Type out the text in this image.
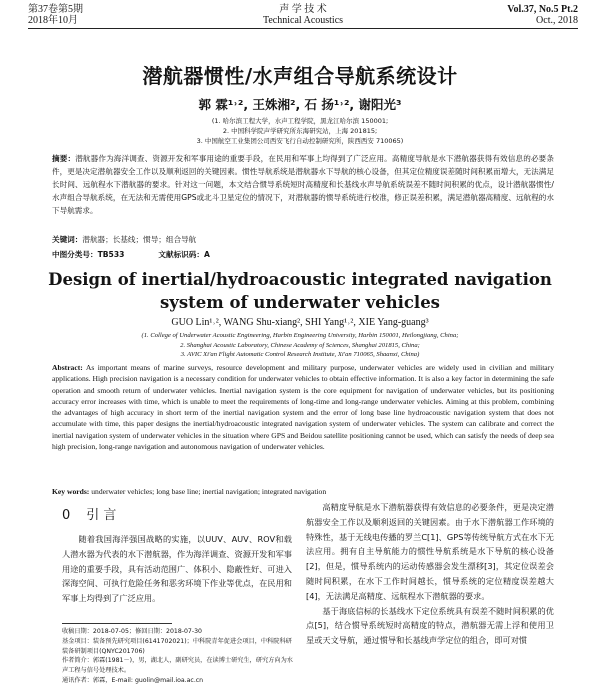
第37卷第5期
2018年10月
声 学 技 术
Technical Acoustics
Vol.37, No.5 Pt.2
Oct., 2018
潜航器惯性/水声组合导航系统设计
郭 霖¹˒², 王姝湘², 石 扬¹˒², 谢阳光³
(1. 哈尔滨工程大学，水声工程学院，黑龙江哈尔滨 150001;
2. 中国科学院声学研究所东海研究站，上海 201815;
3. 中国航空工业集团公司西安飞行自动控制研究所，陕西西安 710065)
摘要：潜航器作为海洋调查、资源开发和军事用途的重要手段，在民用和军事上均得到了广泛应用。高精度导航是水下潜航器获得有效信息的必要条件，更是决定潜航器安全工作以及顺利返回的关键因素。惯性导航系统是潜航器水下导航的核心设备，但其定位精度误差随时间积累而增大，无法满足长时间、远航程水下潜航器的要求。针对这一问题，本文结合惯导系统短时高精度和长基线水声导航系统误差不随时间积累的优点，设计潜航器惯性/水声组合导航系统，在无法和无需使用GPS或北斗卫星定位的情况下，对潜航器的惯导系统进行校准，修正误差积累，满足潜航器高精度、远航程的水下导航需求。
关键词：潜航器；长基线；惯导；组合导航
中图分类号：TB533	文献标识码：A
Design of inertial/hydroacoustic integrated navigation
system of underwater vehicles
GUO Lin¹˒², WANG Shu-xiang², SHI Yang¹˒², XIE Yang-guang³
(1. College of Underwater Acoustic Engineering, Harbin Engineering University, Harbin 150001, Heilongjiang, China;
2. Shanghai Acoustic Laboratory, Chinese Academy of Sciences, Shanghai 201815, China;
3. AVIC Xi'an Flight Automatic Control Research Institute, Xi'an 710065, Shaanxi, China)
Abstract: As important means of marine surveys, resource development and military purpose, underwater vehicles are widely used in civilian and military applications. High precision navigation is a necessary condition for underwater vehicles to obtain effective information. It is also a key factor in determining the safe operation and smooth return of underwater vehicles. Inertial navigation system is the core equipment for navigation of underwater vehicles, but its positioning accuracy error increases with time, which is unable to meet the requirements of long-time and long-range underwater vehicles. Aiming at this problem, combining the advantages of high accuracy in short term of the inertial navigation system and the error of long base line hydroacoustic navigation system that does not accumulate with time, this paper designs the inertial/hydroacoustic integrated navigation system of underwater vehicles. The system can calibrate and correct the inertial navigation system of underwater vehicles in the situation where GPS and Beidou satellite positioning cannot be used, which can satisfy the needs of deep sea high precision, long-range navigation and autonomous navigation of underwater vehicles.
Key words: underwater vehicles; long base line; inertial navigation; integrated navigation
0 引 言
随着我国海洋强国战略的实施，以UUV、AUV、ROV和载人潜水器为代表的水下潜航器，作为海洋调查、资源开发和军事用途的重要手段，具有活动范围广、体积小、隐蔽性好、可进入深海空间、可执行危险任务和恶劣环境下作业等优点，在民用和军事上均得到了广泛应用。

高精度导航是水下潜航器获得有效信息的必要条件，更是决定潜航器安全工作以及顺利返回的关键因素。由于水下潜航器工作环境的特殊性，基于无线电传播的罗兰C[1]、GPS等传统导航方式在水下无法应用。拥有自主导航能力的惯性导航系统是水下导航的核心设备[2]，但是，惯导系统内的运动传感器会发生漂移[3]，其定位误差会随时间积累，在水下工作时间越长，惯导系统的定位精度误差越大[4]，无法满足高精度、远航程水下潜航器的要求。

基于海底信标的长基线水下定位系统具有误差不随时间积累的优点[5]，结合惯导系统短时高精度的特点，潜航器无需上浮和使用卫星或天文导航，通过惯导和长基线声学定位的组合，即可对惯

收稿日期：2018-07-05；修回日期：2018-07-30
基金项目：装备预先研究项目(6141702021)；中科院青年促进会项目，中科院科研装备研制项目(QNYC201706)
作者简介：郭霖(1981－)，男，湖北人，副研究员，在读博士研究生，研究方向为水声工程与信号处理技术。
通讯作者：郭霖，E-mail: guolin@mail.ioa.ac.cn
